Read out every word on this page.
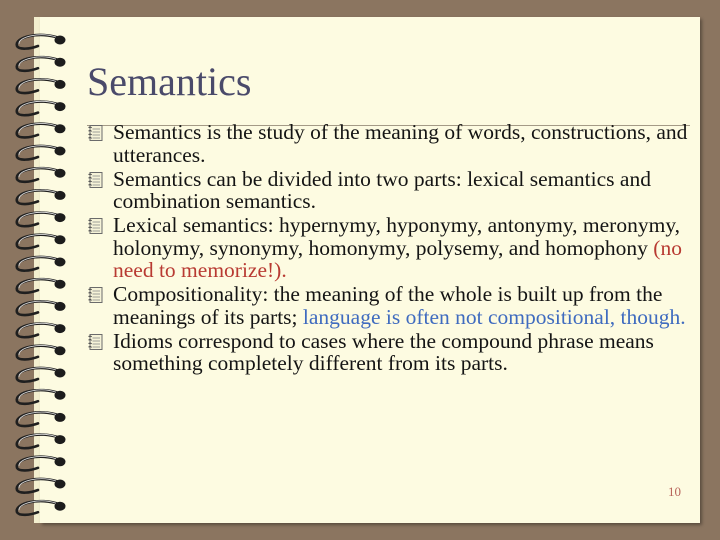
Semantics
Semantics is the study of the meaning of words, constructions, and utterances.
Semantics can be divided into two parts: lexical semantics and combination semantics.
Lexical semantics: hypernymy, hyponymy, antonymy, meronymy, holonymy, synonymy, homonymy, polysemy, and homophony (no need to memorize!).
Compositionality: the meaning of the whole is built up from the meanings of its parts; language is often not compositional, though.
Idioms correspond to cases where the compound phrase means something completely different from its parts.
10
